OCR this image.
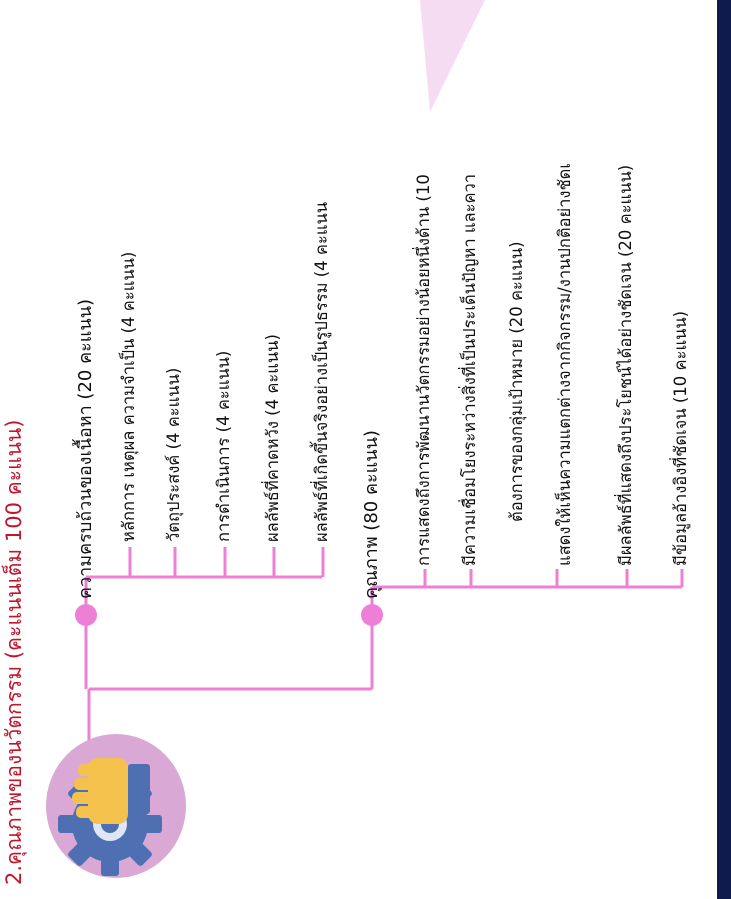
2.คุณภาพของนวัตกรรม (คะแนนเต็ม 100 คะแนน)	ความครบถ้วนของเนื้อหา (20 คะแนน) หลักการ เหตุผล ความจำเป็น (4 คะแนน) วัตถุประสงค์ (4 คะแนน) การดำเนินการ (4 คะแนน) ผลลัพธ์ที่คาดหวัง (4 คะแนน) ผลลัพธ์ที่เกิดขึ้นจริงอย่างเป็นรูปธรรม (4 คะแนน คุณภาพ (80 คะแนน) การแสดงถึงการพัฒนานวัตกรรมอย่างน้อยหนึ่งด้าน (10 มีความเชื่อมโยงระหว่างสิ่งที่เป็นประเด็นปัญหา และควา ต้องการของกลุ่มเป้าหมาย (20 คะแนน) แสดงให้เห็นความแตกต่างจากกิจกรรม/งานปกติอย่างชัดเ	มีผลลัพธ์ที่แสดงถึงประโยชน์ได้อย่างชัดเจน (20 คะแนน) มีข้อมูลอ้างอิงที่ชัดเจน (10 คะแนน)
